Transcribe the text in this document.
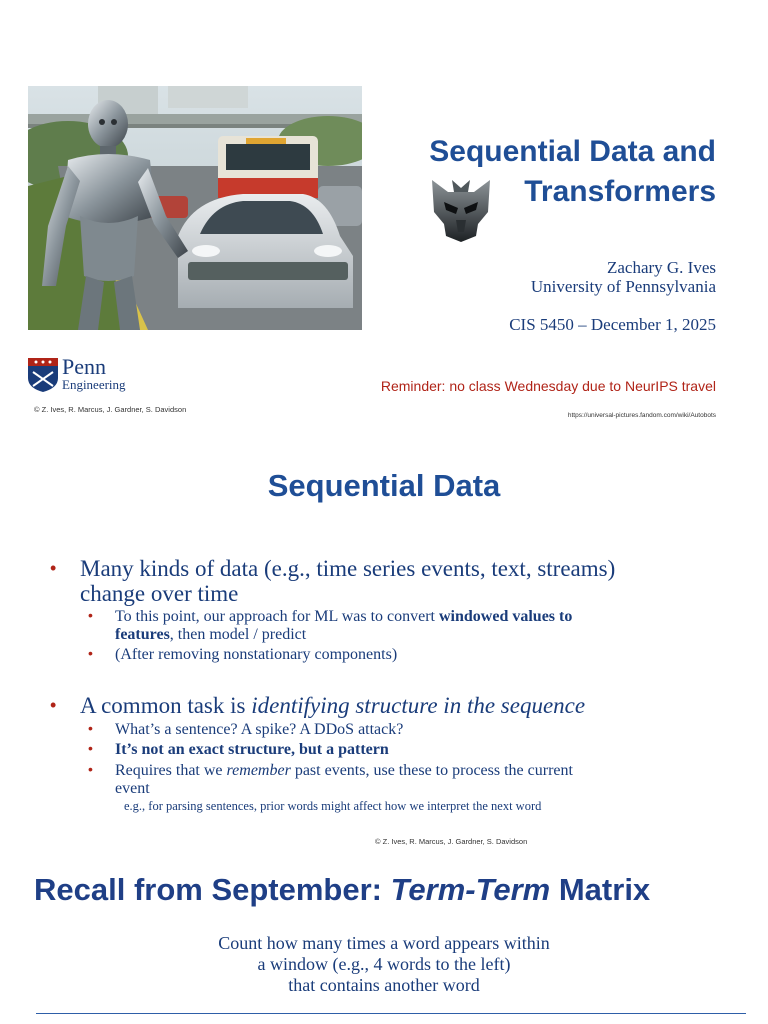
Sequential Data and
Transformers
Zachary G. Ives
University of Pennsylvania
CIS 5450 – December 1, 2025
Penn
Engineering	Reminder: no class Wednesday due to NeurIPS travel
© Z. Ives, R. Marcus, J. Gardner, S. Davidson
https://universal-pictures.fandom.com/wiki/Autobots
Sequential Data
• Many kinds of data (e.g., time series events, text, streams)
change over time
• To this point, our approach for ML was to convert windowed values to
features, then model / predict
• (After removing nonstationary components)
• A common task is identifying structure in the sequence
• What’s a sentence? A spike? A DDoS attack?
• It’s not an exact structure, but a pattern
• Requires that we remember past events, use these to process the current
event
e.g., for parsing sentences, prior words might affect how we interpret the next word
© Z. Ives, R. Marcus, J. Gardner, S. Davidson
Recall from September: Term-Term Matrix
Count how many times a word appears within
a window (e.g., 4 words to the left)
that contains another word
